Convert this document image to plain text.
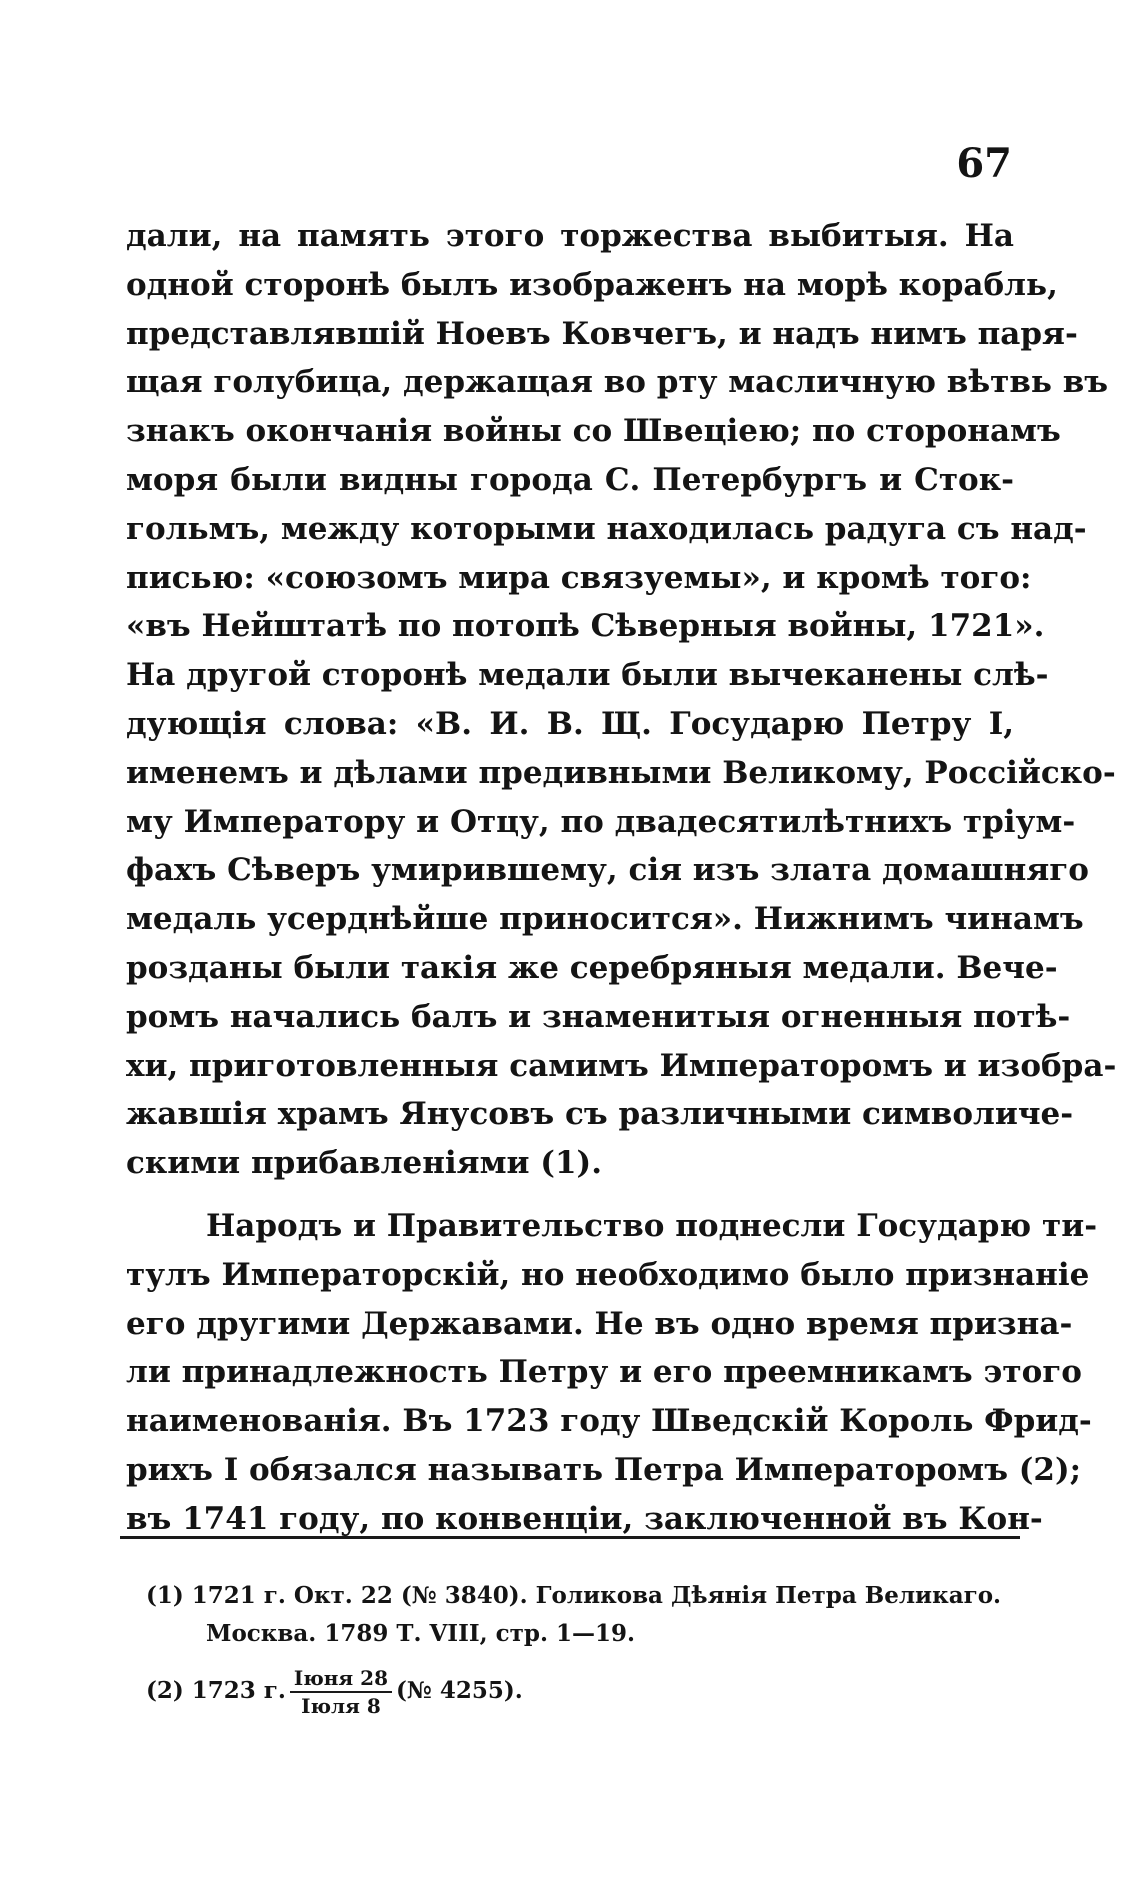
67
дали, на память этого торжества выбитыя. На
одной сторонѣ былъ изображенъ на морѣ корабль,
представлявшiй Ноевъ Ковчегъ, и надъ нимъ паря-
щая голубица, держащая во рту масличную вѣтвь въ
знакъ окончанiя войны со Швецiею; по сторонамъ
моря были видны города С. Петербургъ и Сток-
гольмъ, между которыми находилась радуга съ над-
писью: «союзомъ мира связуемы», и кромѣ того:
«въ Нейштатѣ по потопѣ Сѣверныя войны, 1721».
На другой сторонѣ медали были вычеканены слѣ-
дующiя слова: «В. И. В. Щ. Государю Петру I,
именемъ и дѣлами предивными Великому, Россiйско-
му Императору и Отцу, по двадесятилѣтнихъ трiум-
фахъ Сѣверъ умирившему, сiя изъ злата домашняго
медаль усерднѣйше приносится». Нижнимъ чинамъ
розданы были такiя же серебряныя медали. Вече-
ромъ начались балъ и знаменитыя огненныя потѣ-
хи, приготовленныя самимъ Императоромъ и изобра-
жавшiя храмъ Янусовъ съ различными символиче-
скими прибавленiями (1).
Народъ и Правительство поднесли Государю ти-
тулъ Императорскiй, но необходимо было признанiе
его другими Державами. Не въ одно время призна-
ли принадлежность Петру и его преемникамъ этого
наименованiя. Въ 1723 году Шведскiй Король Фрид-
рихъ I обязался называть Петра Императоромъ (2);
въ 1741 году, по конвенцiи, заключенной въ Кон-
(1) 1721 г. Окт. 22 (№ 3840). Голикова Дѣянiя Петра Великаго.
Москва. 1789 Т. VIII, стр. 1—19.
(2) 1723 г. $\frac{\text{Iюня 28}}{\text{Iюля 8}}$ (№ 4255).
